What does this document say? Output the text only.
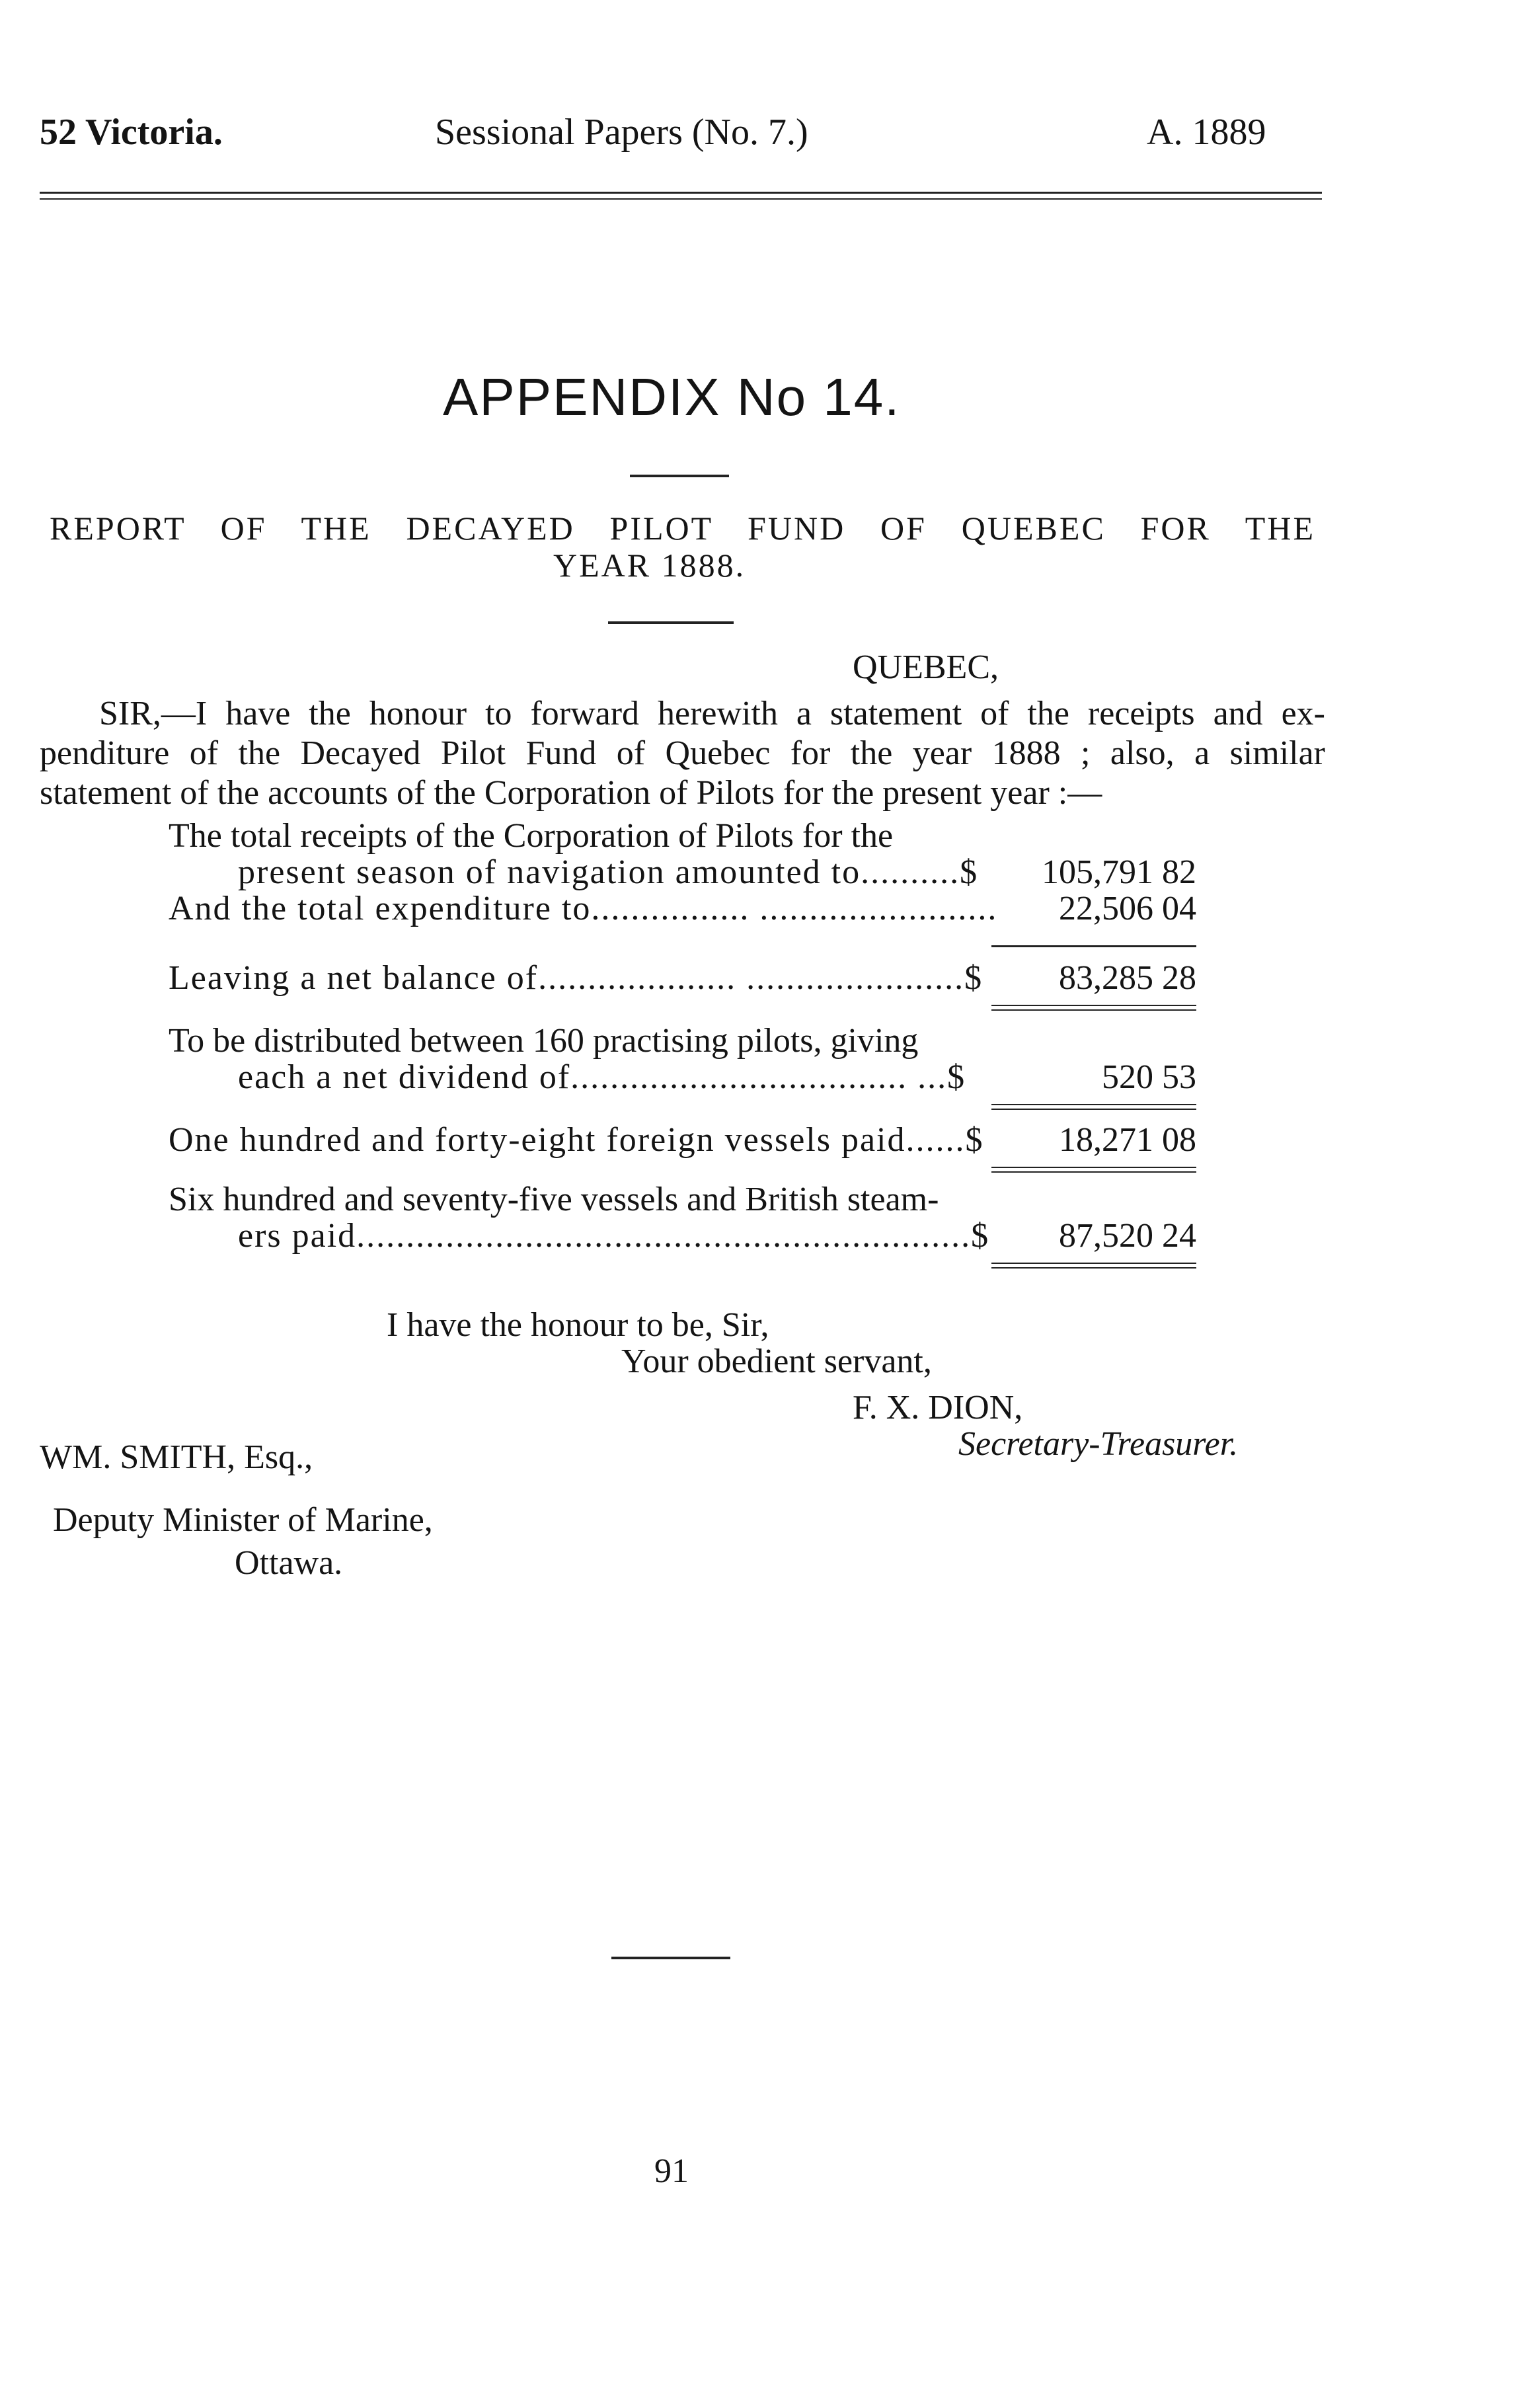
52 Victoria.	Sessional Papers (No. 7.)	A. 1889
APPENDIX No 14.
REPORT OF THE DECAYED PILOT FUND OF QUEBEC FOR THE
YEAR 1888.
QUEBEC,
SIR,—I have the honour to forward herewith a statement of the receipts and ex-
penditure of the Decayed Pilot Fund of Quebec for the year 1888 ; also, a similar
statement of the accounts of the Corporation of Pilots for the present year :—
The total receipts of the Corporation of Pilots for the
present season of navigation amounted to..........$	105,791 82
And the total expenditure to................ ........................	22,506 04
Leaving a net balance of.................... ......................$	83,285 28
To be distributed between 160 practising pilots, giving
each a net dividend of.................................. ...$	520 53
One hundred and forty-eight foreign vessels paid......$	18,271 08
Six hundred and seventy-five vessels and British steam-
ers paid..............................................................$	87,520 24
I have the honour to be, Sir,
Your obedient servant,
F. X. DION,
Secretary-Treasurer.
WM. SMITH, Esq.,
Deputy Minister of Marine,
Ottawa.
91
